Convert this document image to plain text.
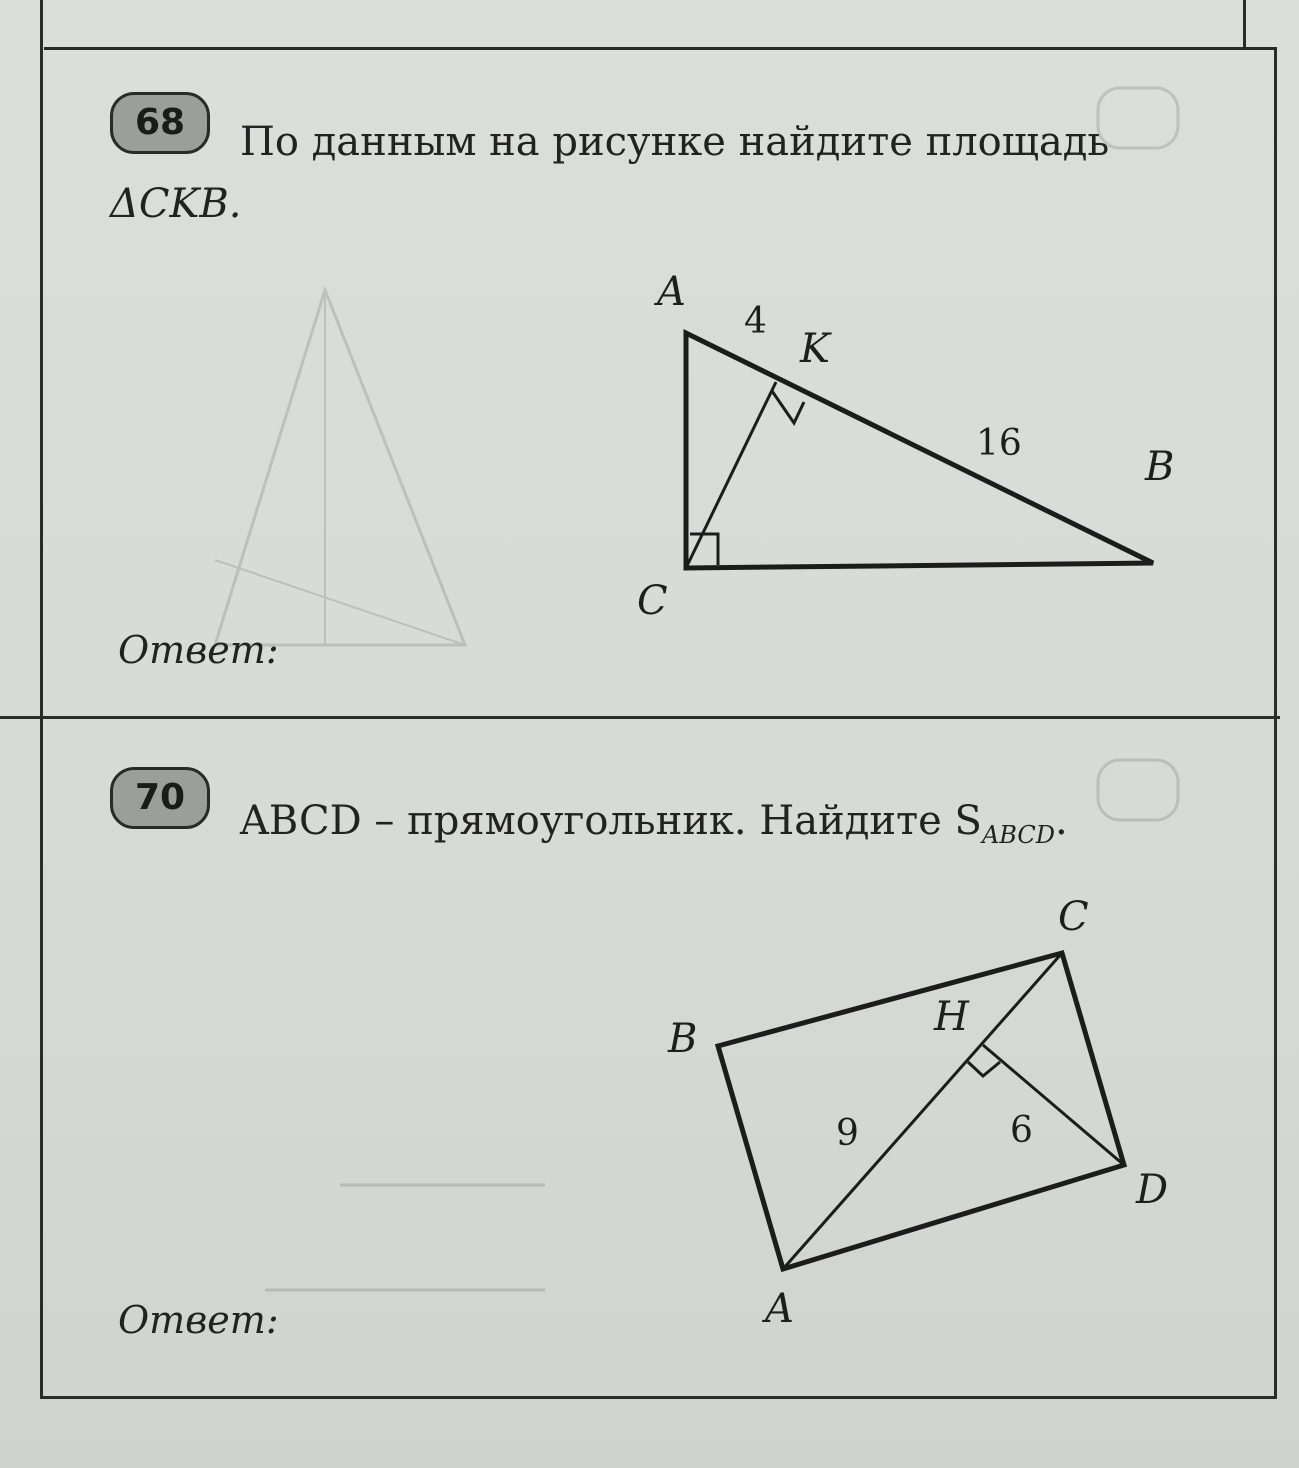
68	По данным на рисунке найдите площадь
ΔCKB.
Ответ:
A
K
B
C
4
16
70
ABCD – прямоугольник. Найдите $S_{ABCD}$.
Ответ:	A
B
C
D
H
9	6
